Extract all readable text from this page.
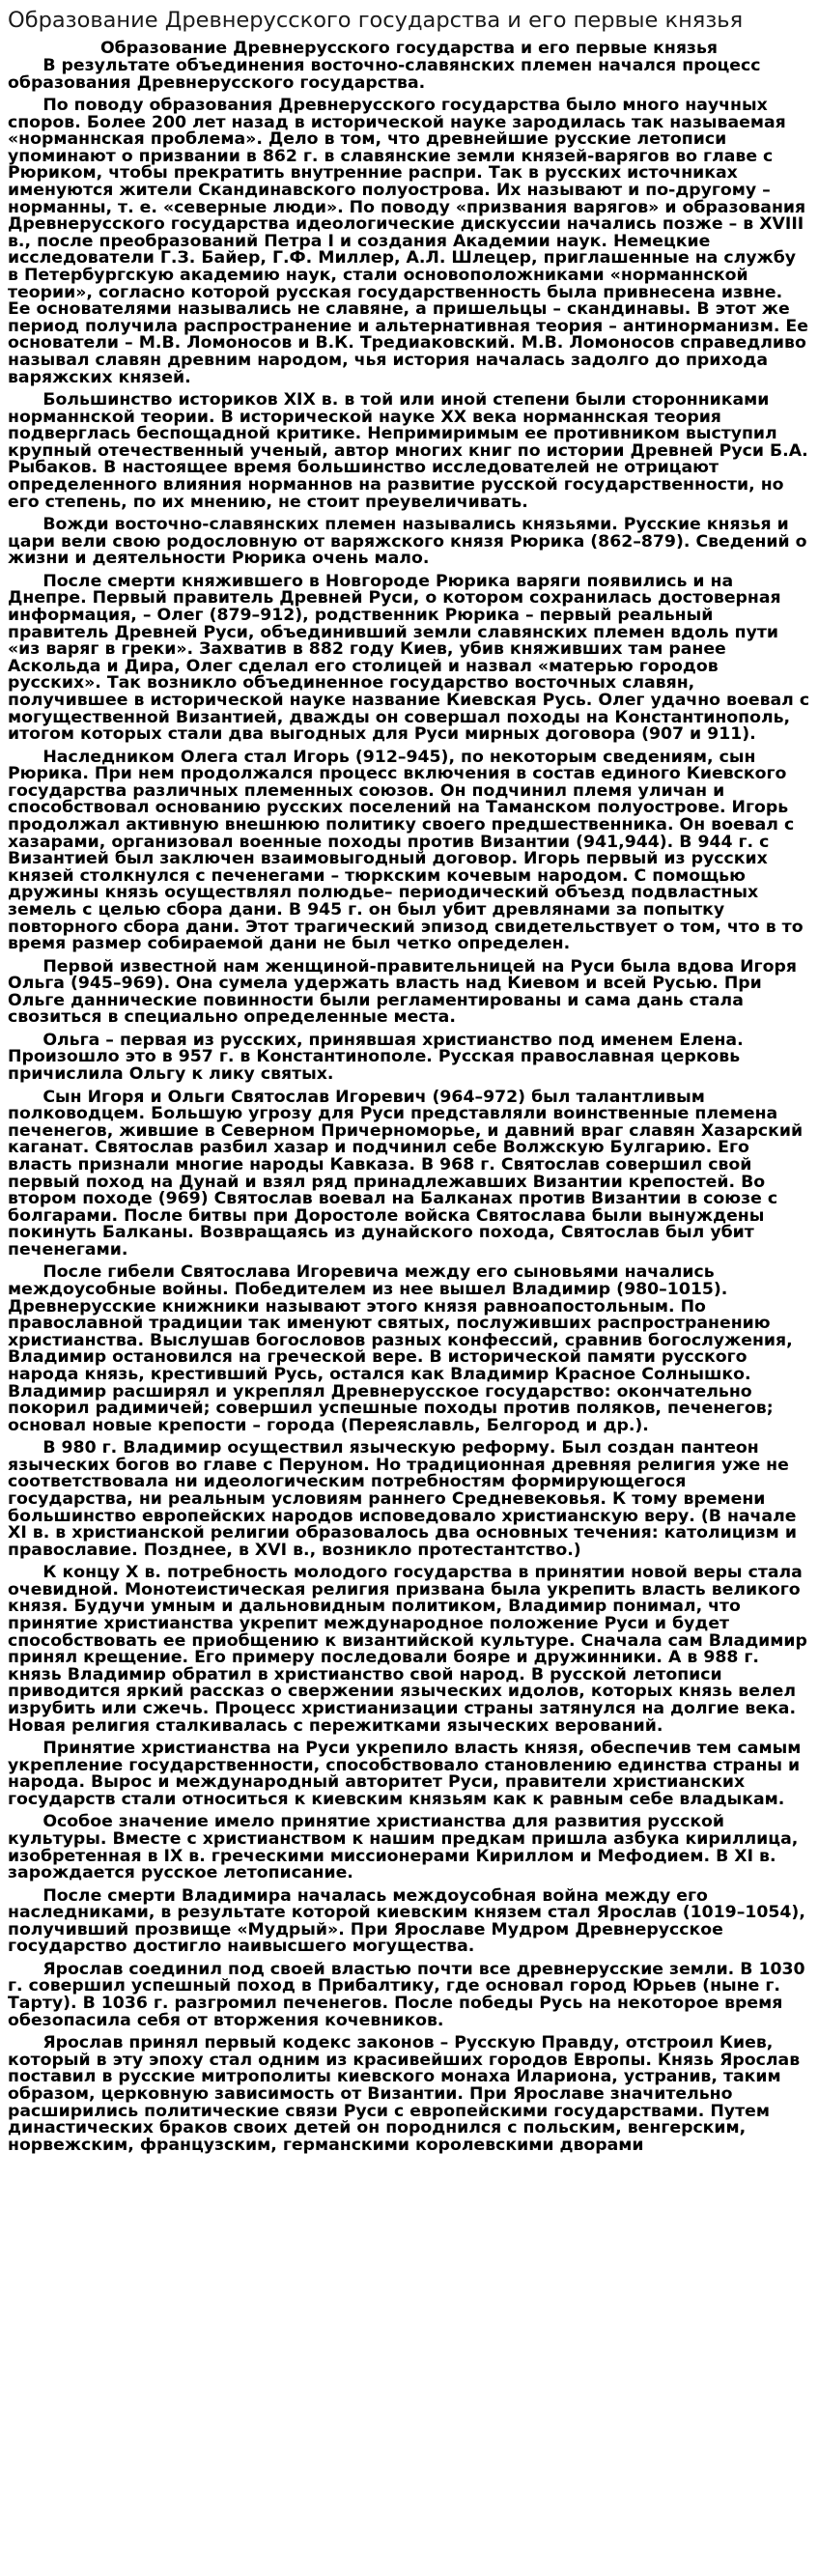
Образование Древнерусского государства и его первые князья
Образование Древнерусского государства и его первые князья

В результате объединения восточно-славянских племен начался процесс образования Древнерусского государства.

По поводу образования Древнерусского государства было много научных споров. Более 200 лет назад в исторической науке зародилась так называемая «норманнская проблема». Дело в том, что древнейшие русские летописи упоминают о призвании в 862 г. в славянские земли князей-варягов во главе с Рюриком, чтобы прекратить внутренние распри. Так в русских источниках именуются жители Скандинавского полуострова. Их называют и по-другому – норманны, т. е. «северные люди». По поводу «призвания варягов» и образования Древнерусского государства идеологические дискуссии начались позже – в XVIII в., после преобразований Петра I и создания Академии наук. Немецкие исследователи Г.З. Байер, Г.Ф. Миллер, А.Л. Шлецер, приглашенные на службу в Петербургскую академию наук, стали основоположниками «норманнской теории», согласно которой русская государственность была привнесена извне. Ее основателями назывались не славяне, а пришельцы – скандинавы. В этот же период получила распространение и альтернативная теория – антинорманизм. Ее основатели – М.В. Ломоносов и В.К. Тредиаковский. М.В. Ломоносов справедливо называл славян древним народом, чья история началась задолго до прихода варяжских князей.

Большинство историков XIX в. в той или иной степени были сторонниками норманнской теории. В исторической науке XX века норманнская теория подверглась беспощадной критике. Непримиримым ее противником выступил крупный отечественный ученый, автор многих книг по истории Древней Руси Б.А. Рыбаков. В настоящее время большинство исследователей не отрицают определенного влияния норманнов на развитие русской государственности, но его степень, по их мнению, не стоит преувеличивать.

Вожди восточно-славянских племен назывались князьями. Русские князья и цари вели свою родословную от варяжского князя Рюрика (862–879). Сведений о жизни и деятельности Рюрика очень мало.

После смерти княжившего в Новгороде Рюрика варяги появились и на Днепре. Первый правитель Древней Руси, о котором сохранилась достоверная информация, – Олег (879–912), родственник Рюрика – первый реальный правитель Древней Руси, объединивший земли славянских племен вдоль пути «из варяг в греки». Захватив в 882 году Киев, убив княживших там ранее Аскольда и Дира, Олег сделал его столицей и назвал «матерью городов русских». Так возникло объединенное государство восточных славян, получившее в исторической науке название Киевская Русь. Олег удачно воевал с могущественной Византией, дважды он совершал походы на Константинополь, итогом которых стали два выгодных для Руси мирных договора (907 и 911).

Наследником Олега стал Игорь (912–945), по некоторым сведениям, сын Рюрика. При нем продолжался процесс включения в состав единого Киевского государства различных племенных союзов. Он подчинил племя уличан и способствовал основанию русских поселений на Таманском полуострове. Игорь продолжал активную внешнюю политику своего предшественника. Он воевал с хазарами, организовал военные походы против Византии (941,944). В 944 г. с Византией был заключен взаимовыгодный договор. Игорь первый из русских князей столкнулся с печенегами – тюркским кочевым народом. С помощью дружины князь осуществлял полюдье– периодический объезд подвластных земель с целью сбора дани. В 945 г. он был убит древлянами за попытку повторного сбора дани. Этот трагический эпизод свидетельствует о том, что в то время размер собираемой дани не был четко определен.

Первой известной нам женщиной-правительницей на Руси была вдова Игоря Ольга (945–969). Она сумела удержать власть над Киевом и всей Русью. При Ольге даннические повинности были регламентированы и сама дань стала свозиться в специально определенные места.

Ольга – первая из русских, принявшая христианство под именем Елена. Произошло это в 957 г. в Константинополе. Русская православная церковь причислила Ольгу к лику святых.

Сын Игоря и Ольги Святослав Игоревич (964–972) был талантливым полководцем. Большую угрозу для Руси представляли воинственные племена печенегов, жившие в Северном Причерноморье, и давний враг славян Хазарский каганат. Святослав разбил хазар и подчинил себе Волжскую Булгарию. Его власть признали многие народы Кавказа. В 968 г. Святослав совершил свой первый поход на Дунай и взял ряд принадлежавших Византии крепостей. Во втором походе (969) Святослав воевал на Балканах против Византии в союзе с болгарами. После битвы при Доростоле войска Святослава были вынуждены покинуть Балканы. Возвращаясь из дунайского похода, Святослав был убит печенегами.

После гибели Святослава Игоревича между его сыновьями начались междоусобные войны. Победителем из нее вышел Владимир (980–1015). Древнерусские книжники называют этого князя равноапостольным. По православной традиции так именуют святых, послуживших распространению христианства. Выслушав богословов разных конфессий, сравнив богослужения, Владимир остановился на греческой вере. В исторической памяти русского народа князь, крестивший Русь, остался как Владимир Красное Солнышко. Владимир расширял и укреплял Древнерусское государство: окончательно покорил радимичей; совершил успешные походы против поляков, печенегов; основал новые крепости – города (Переяславль, Белгород и др.).

В 980 г. Владимир осуществил языческую реформу. Был создан пантеон языческих богов во главе с Перуном. Но традиционная древняя религия уже не соответствовала ни идеологическим потребностям формирующегося государства, ни реальным условиям раннего Средневековья. К тому времени большинство европейских народов исповедовало христианскую веру. (В начале XI в. в христианской религии образовалось два основных течения: католицизм и православие. Позднее, в XVI в., возникло протестантство.)

К концу X в. потребность молодого государства в принятии новой веры стала очевидной. Монотеистическая религия призвана была укрепить власть великого князя. Будучи умным и дальновидным политиком, Владимир понимал, что принятие христианства укрепит международное положение Руси и будет способствовать ее приобщению к византийской культуре. Сначала сам Владимир принял крещение. Его примеру последовали бояре и дружинники. А в 988 г. князь Владимир обратил в христианство свой народ. В русской летописи приводится яркий рассказ о свержении языческих идолов, которых князь велел изрубить или сжечь. Процесс христианизации страны затянулся на долгие века. Новая религия сталкивалась с пережитками языческих верований.

Принятие христианства на Руси укрепило власть князя, обеспечив тем самым укрепление государственности, способствовало становлению единства страны и народа. Вырос и международный авторитет Руси, правители христианских государств стали относиться к киевским князьям как к равным себе владыкам.

Особое значение имело принятие христианства для развития русской культуры. Вместе с христианством к нашим предкам пришла азбука кириллица, изобретенная в IX в. греческими миссионерами Кириллом и Мефодием. В XI в. зарождается русское летописание.

После смерти Владимира началась междоусобная война между его наследниками, в результате которой киевским князем стал Ярослав (1019–1054), получивший прозвище «Мудрый». При Ярославе Мудром Древнерусское государство достигло наивысшего могущества.

Ярослав соединил под своей властью почти все древнерусские земли. В 1030 г. совершил успешный поход в Прибалтику, где основал город Юрьев (ныне г. Тарту). В 1036 г. разгромил печенегов. После победы Русь на некоторое время обезопасила себя от вторжения кочевников.

Ярослав принял первый кодекс законов – Русскую Правду, отстроил Киев, который в эту эпоху стал одним из красивейших городов Европы. Князь Ярослав поставил в русские митрополиты киевского монаха Илариона, устранив, таким образом, церковную зависимость от Византии. При Ярославе значительно расширились политические связи Руси с европейскими государствами. Путем династических браков своих детей он породнился с польским, венгерским, норвежским, французским, германскими королевскими дворами
